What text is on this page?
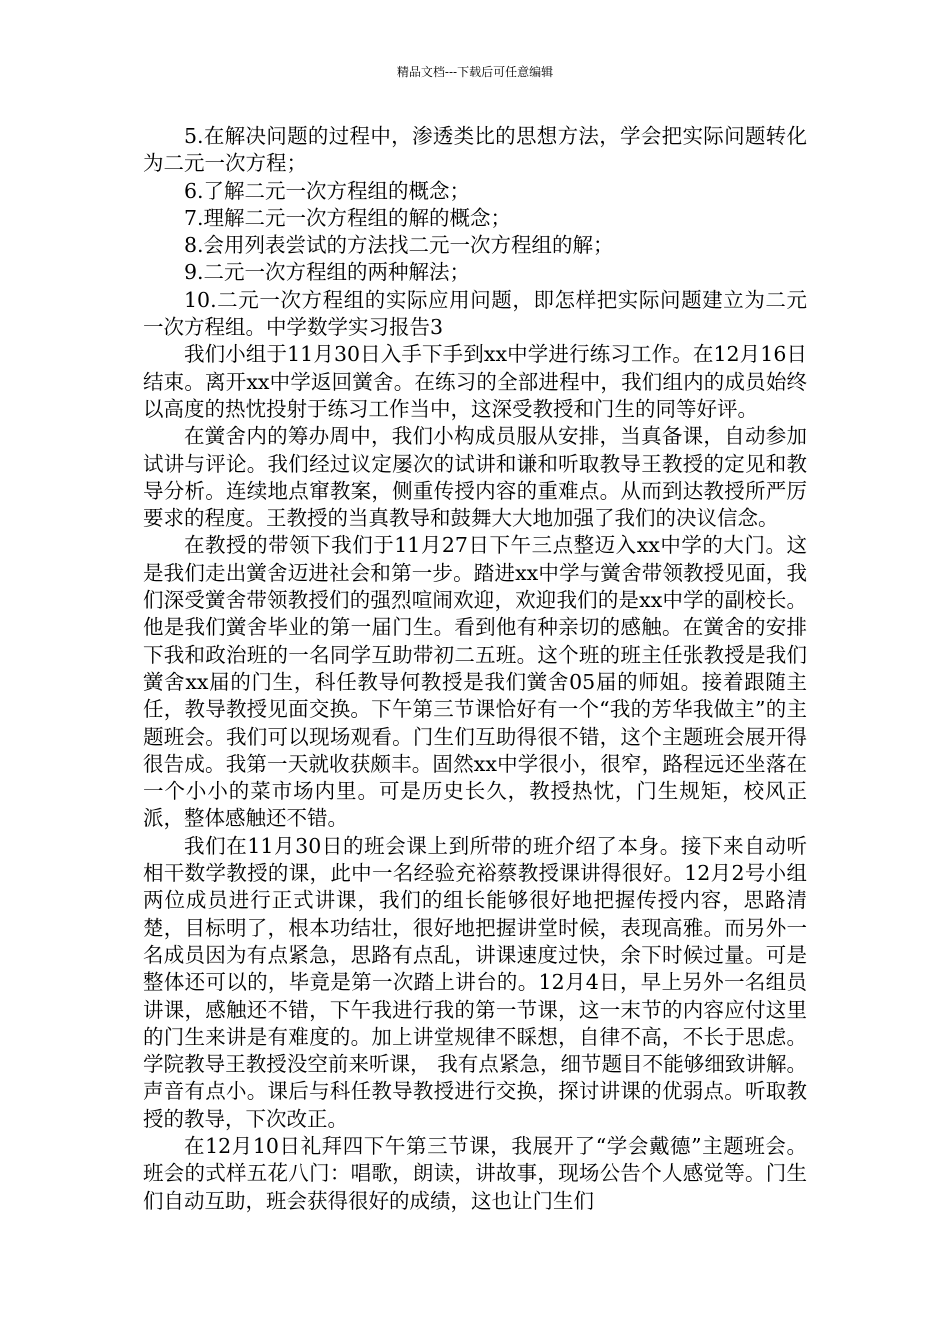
精品文档---下载后可任意编辑

5.在解决问题的过程中，渗透类比的思想方法，学会把实际问题转化为二元一次方程；

6.了解二元一次方程组的概念；

7.理解二元一次方程组的解的概念；

8.会用列表尝试的方法找二元一次方程组的解；

9.二元一次方程组的两种解法；

10.二元一次方程组的实际应用问题，即怎样把实际问题建立为二元一次方程组。中学数学实习报告3

我们小组于11月30日入手下手到xx中学进行练习工作。在12月16日结束。离开xx中学返回黉舍。在练习的全部进程中，我们组内的成员始终以高度的热忱投射于练习工作当中，这深受教授和门生的同等好评。

在黉舍内的筹办周中，我们小构成员服从安排，当真备课，自动参加试讲与评论。我们经过议定屡次的试讲和谦和听取教导王教授的定见和教导分析。连续地点窜教案，侧重传授内容的重难点。从而到达教授所严厉要求的程度。王教授的当真教导和鼓舞大大地加强了我们的决议信念。

在教授的带领下我们于11月27日下午三点整迈入xx中学的大门。这是我们走出黉舍迈进社会和第一步。踏进xx中学与黉舍带领教授见面，我们深受黉舍带领教授们的强烈喧闹欢迎，欢迎我们的是xx中学的副校长。他是我们黉舍毕业的第一届门生。看到他有种亲切的感触。在黉舍的安排下我和政治班的一名同学互助带初二五班。这个班的班主任张教授是我们黉舍xx届的门生，科任教导何教授是我们黉舍05届的师姐。接着跟随主任，教导教授见面交换。下午第三节课恰好有一个“我的芳华我做主”的主题班会。我们可以现场观看。门生们互助得很不错，这个主题班会展开得很告成。我第一天就收获颇丰。固然xx中学很小，很窄，路程远还坐落在一个小小的菜市场内里。可是历史长久，教授热忱，门生规矩，校风正派，整体感触还不错。

我们在11月30日的班会课上到所带的班介绍了本身。接下来自动听相干数学教授的课，此中一名经验充裕蔡教授课讲得很好。12月2号小组两位成员进行正式讲课，我们的组长能够很好地把握传授内容，思路清楚，目标明了，根本功结壮，很好地把握讲堂时候，表现高雅。而另外一名成员因为有点紧急，思路有点乱，讲课速度过快，余下时候过量。可是整体还可以的，毕竟是第一次踏上讲台的。12月4日，早上另外一名组员讲课，感触还不错，下午我进行我的第一节课，这一末节的内容应付这里的门生来讲是有难度的。加上讲堂规律不睬想，自律不高，不长于思虑。学院教导王教授没空前来听课， 我有点紧急，细节题目不能够细致讲解。声音有点小。课后与科任教导教授进行交换，探讨讲课的优弱点。听取教授的教导，下次改正。

在12月10日礼拜四下午第三节课，我展开了“学会戴德”主题班会。班会的式样五花八门：唱歌，朗读，讲故事，现场公告个人感觉等。门生们自动互助，班会获得很好的成绩，这也让门生们
